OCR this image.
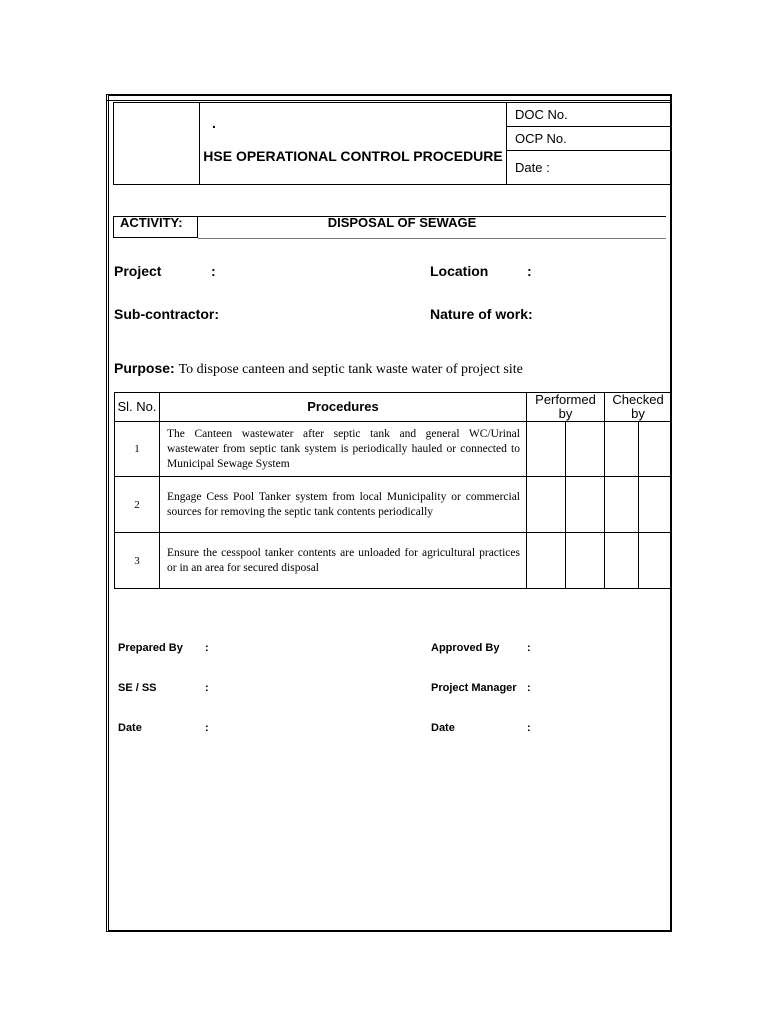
.
HSE OPERATIONAL CONTROL PROCEDURE
	DOC No.
OCP No.
Date :
ACTIVITY:	DISPOSAL OF SEWAGE
Project	:	Location	:
Sub-contractor:	Nature of work:
Purpose: To dispose canteen and septic tank waste water of project site
Sl. No.	Procedures	Performed by		Checked by	
1	The Canteen wastewater after septic tank and general WC/Urinal wastewater from septic tank system is periodically hauled or connected to Municipal Sewage System				
2	Engage Cess Pool Tanker system from local Municipality or commercial sources for removing the septic tank contents periodically				
3	Ensure the cesspool tanker contents are unloaded for agricultural practices or in an area for secured disposal				
Prepared By :	Approved By	:
SE / SS	:	Project Manager :
Date	:	Date	:
